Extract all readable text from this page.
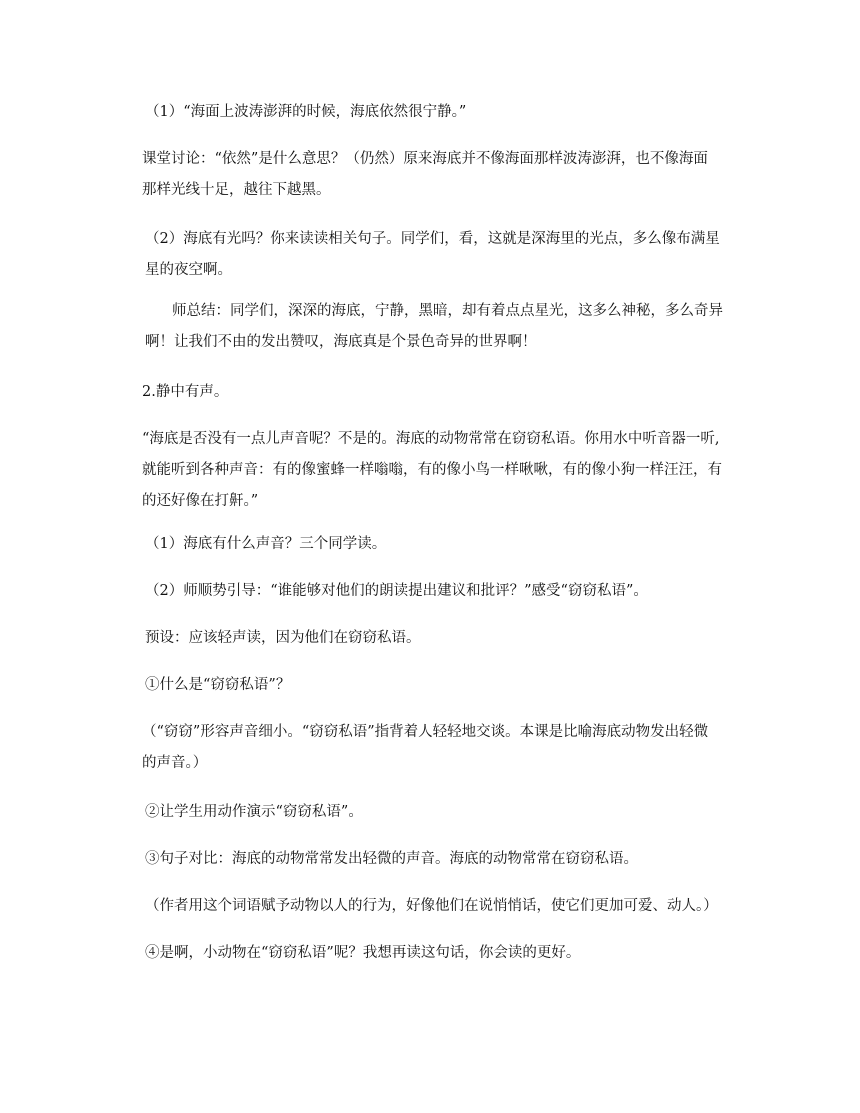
（1）“海面上波涛澎湃的时候，海底依然很宁静。”

课堂讨论：“依然”是什么意思？（仍然）原来海底并不像海面那样波涛澎湃，也不像海面那样光线十足，越往下越黑。

（2）海底有光吗？你来读读相关句子。同学们，看，这就是深海里的光点，多么像布满星星的夜空啊。

师总结：同学们，深深的海底，宁静，黑暗，却有着点点星光，这多么神秘，多么奇异啊！让我们不由的发出赞叹，海底真是个景色奇异的世界啊！

2.静中有声。

“海底是否没有一点儿声音呢？不是的。海底的动物常常在窃窃私语。你用水中听音器一听,就能听到各种声音：有的像蜜蜂一样嗡嗡，有的像小鸟一样啾啾，有的像小狗一样汪汪，有的还好像在打鼾。”

（1）海底有什么声音？三个同学读。

（2）师顺势引导：“谁能够对他们的朗读提出建议和批评？”感受“窃窃私语”。

预设：应该轻声读，因为他们在窃窃私语。

①什么是“窃窃私语”？

（“窃窃”形容声音细小。“窃窃私语”指背着人轻轻地交谈。本课是比喻海底动物发出轻微的声音。）

②让学生用动作演示“窃窃私语”。

③句子对比：海底的动物常常发出轻微的声音。海底的动物常常在窃窃私语。

（作者用这个词语赋予动物以人的行为，好像他们在说悄悄话，使它们更加可爱、动人。）

④是啊，小动物在“窃窃私语”呢？我想再读这句话，你会读的更好。
